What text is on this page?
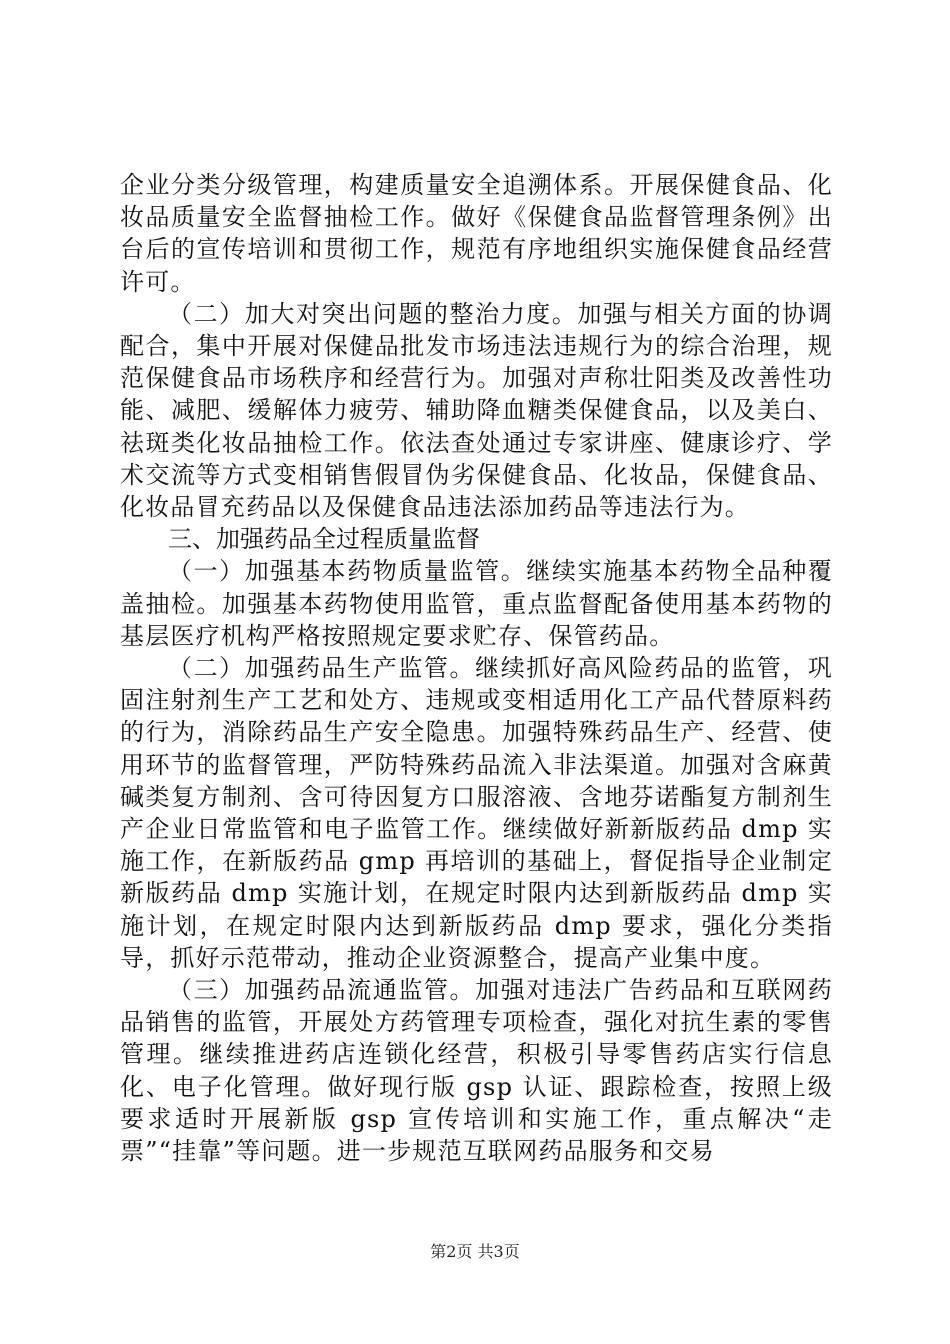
企业分类分级管理，构建质量安全追溯体系。开展保健食品、化妆品质量安全监督抽检工作。做好《保健食品监督管理条例》出台后的宣传培训和贯彻工作，规范有序地组织实施保健食品经营许可。

（二）加大对突出问题的整治力度。加强与相关方面的协调配合，集中开展对保健品批发市场违法违规行为的综合治理，规范保健食品市场秩序和经营行为。加强对声称壮阳类及改善性功能、减肥、缓解体力疲劳、辅助降血糖类保健食品，以及美白、祛斑类化妆品抽检工作。依法查处通过专家讲座、健康诊疗、学术交流等方式变相销售假冒伪劣保健食品、化妆品，保健食品、化妆品冒充药品以及保健食品违法添加药品等违法行为。

三、加强药品全过程质量监督

（一）加强基本药物质量监管。继续实施基本药物全品种覆盖抽检。加强基本药物使用监管，重点监督配备使用基本药物的基层医疗机构严格按照规定要求贮存、保管药品。

（二）加强药品生产监管。继续抓好高风险药品的监管，巩固注射剂生产工艺和处方、违规或变相适用化工产品代替原料药的行为，消除药品生产安全隐患。加强特殊药品生产、经营、使用环节的监督管理，严防特殊药品流入非法渠道。加强对含麻黄碱类复方制剂、含可待因复方口服溶液、含地芬诺酯复方制剂生产企业日常监管和电子监管工作。继续做好新新版药品 dmp 实施工作，在新版药品 gmp 再培训的基础上，督促指导企业制定新版药品 dmp 实施计划，在规定时限内达到新版药品 dmp 实施计划，在规定时限内达到新版药品 dmp 要求，强化分类指导，抓好示范带动，推动企业资源整合，提高产业集中度。

（三）加强药品流通监管。加强对违法广告药品和互联网药品销售的监管，开展处方药管理专项检查，强化对抗生素的零售管理。继续推进药店连锁化经营，积极引导零售药店实行信息化、电子化管理。做好现行版 gsp 认证、跟踪检查，按照上级要求适时开展新版 gsp 宣传培训和实施工作，重点解决“走票”“挂靠”等问题。进一步规范互联网药品服务和交易

第2页 共3页
